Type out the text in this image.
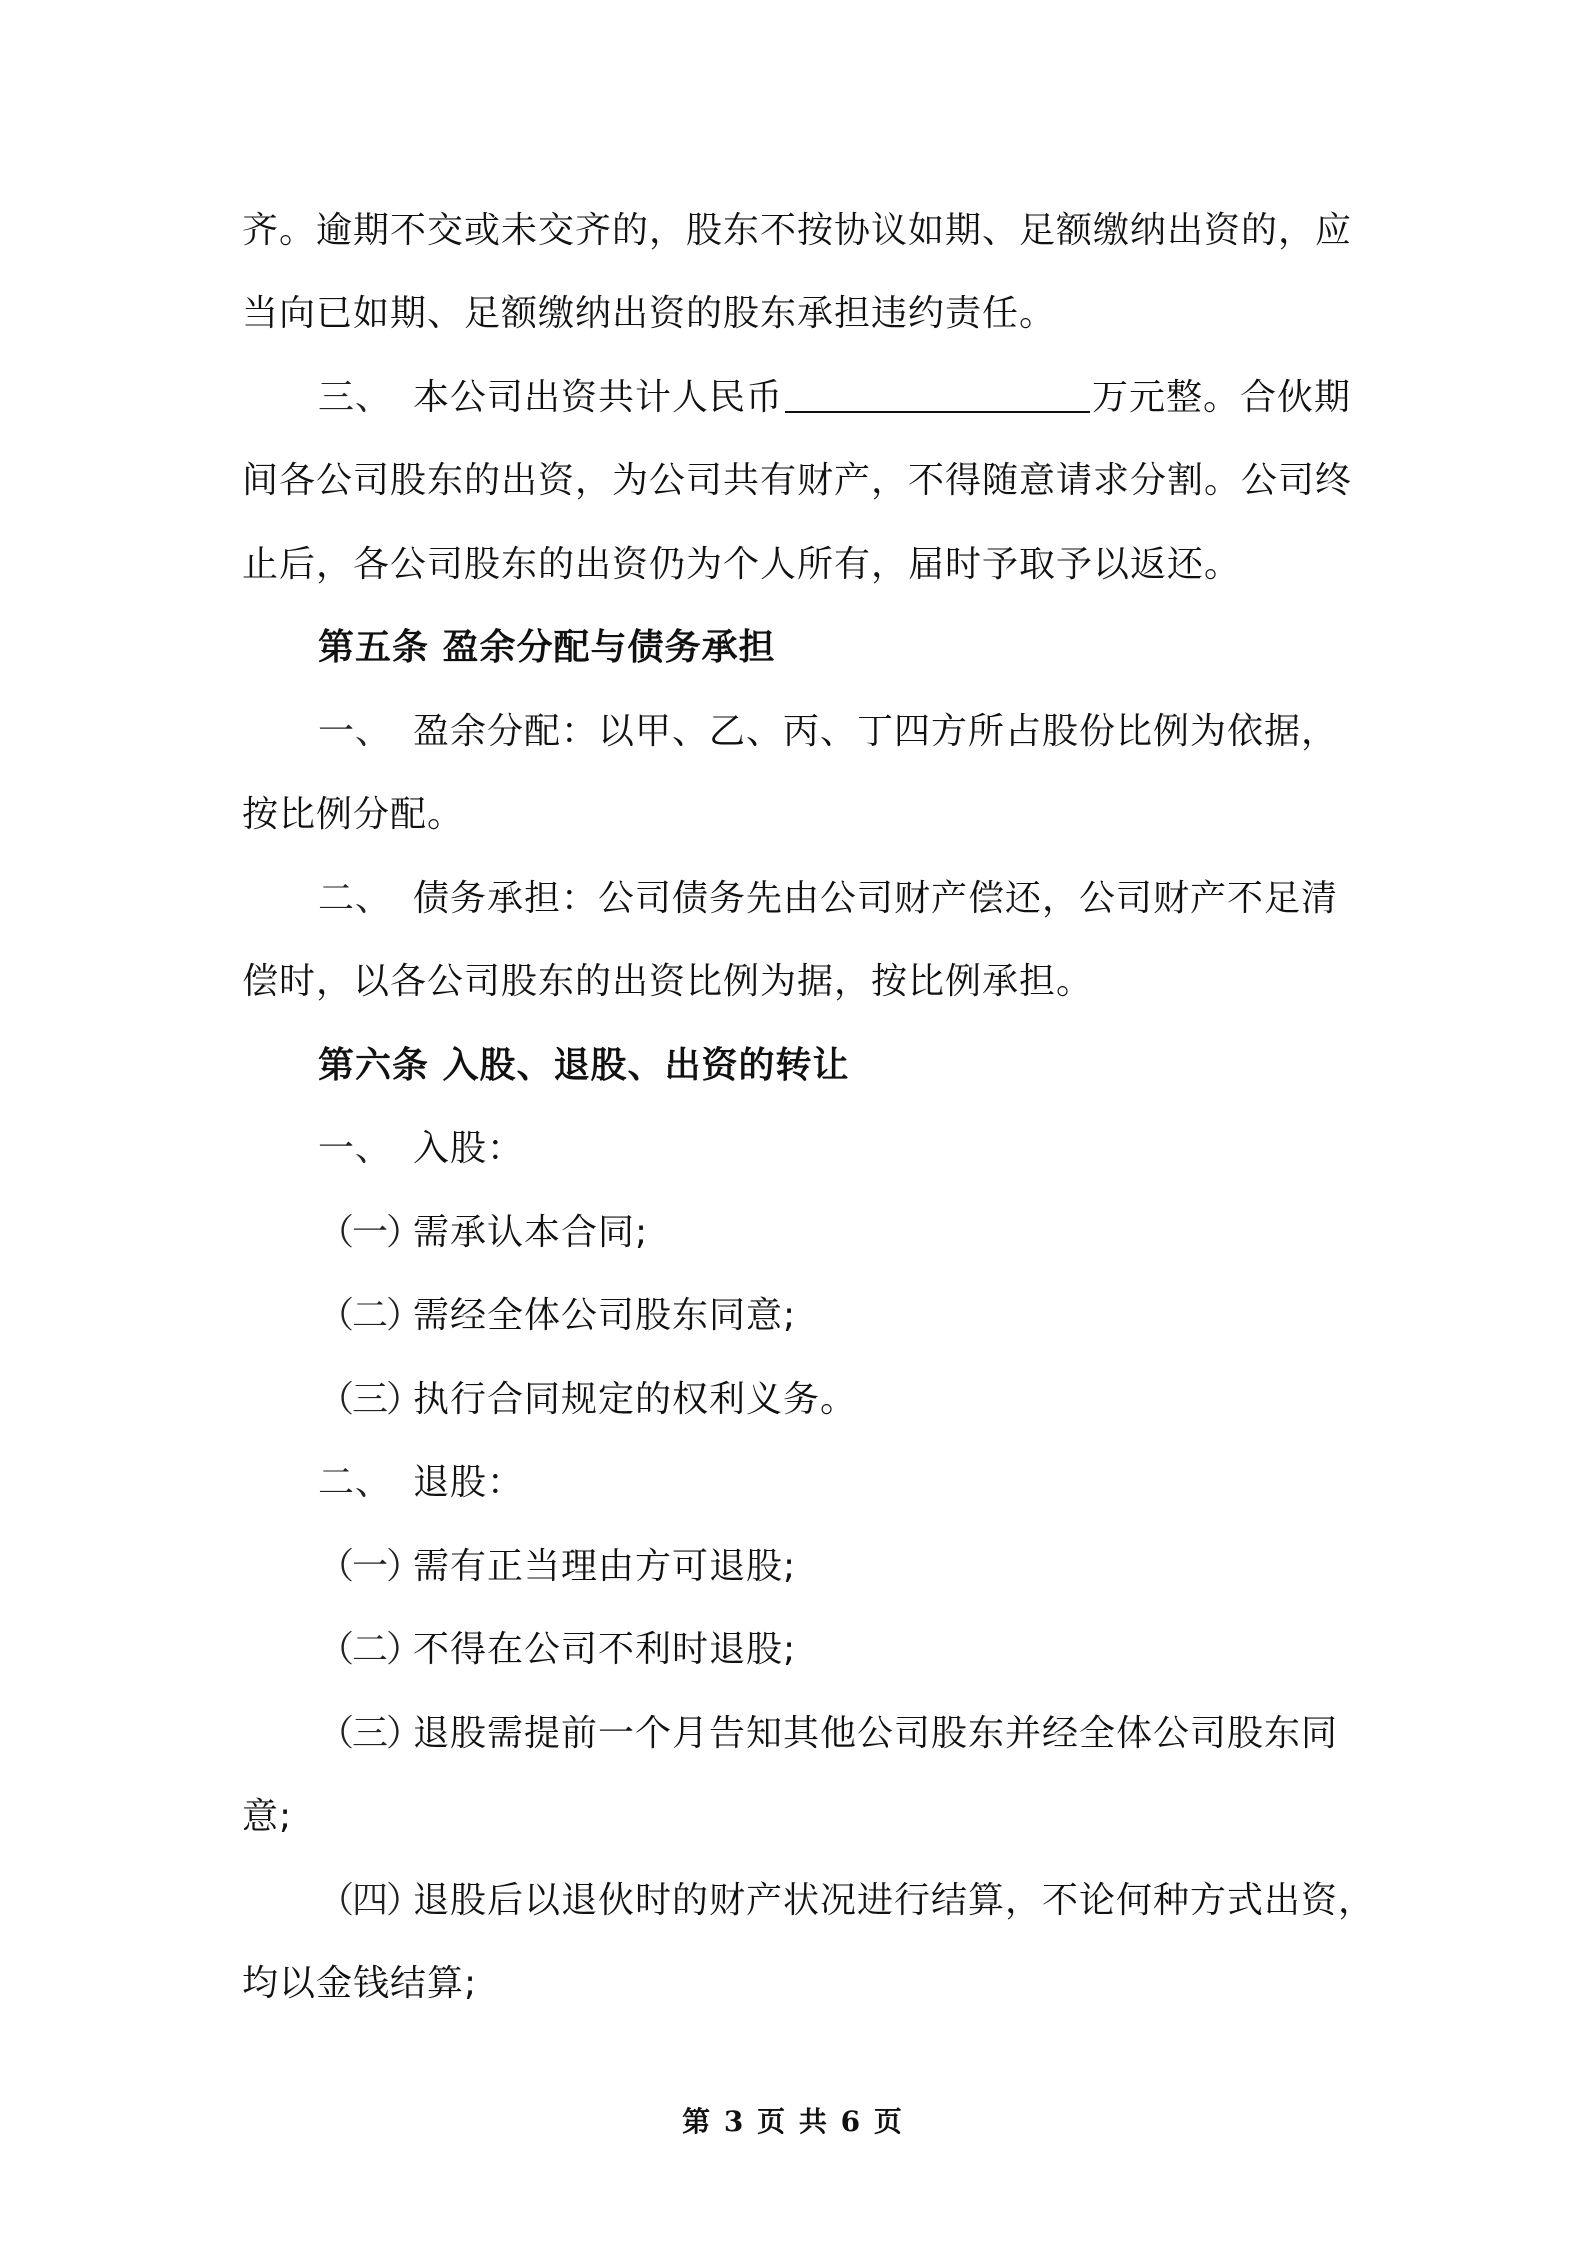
齐。逾期不交或未交齐的，股东不按协议如期、足额缴纳出资的，应
当向已如期、足额缴纳出资的股东承担违约责任。
三、 本公司出资共计人民币	万元整。合伙期
间各公司股东的出资，为公司共有财产，不得随意请求分割。公司终
止后，各公司股东的出资仍为个人所有，届时予取予以返还。
第五条 盈余分配与债务承担
一、 盈余分配：以甲、乙、丙、丁四方所占股份比例为依据，
按比例分配。
二、 债务承担：公司债务先由公司财产偿还，公司财产不足清
偿时，以各公司股东的出资比例为据，按比例承担。
第六条 入股、退股、出资的转让
一、 入股：
（一）需承认本合同;
（二）需经全体公司股东同意;
（三）执行合同规定的权利义务。
二、 退股：
（一）需有正当理由方可退股;
（二）不得在公司不利时退股;
（三）退股需提前一个月告知其他公司股东并经全体公司股东同
意;
（四）退股后以退伙时的财产状况进行结算，不论何种方式出资，
均以金钱结算;
第 3 页 共 6 页
